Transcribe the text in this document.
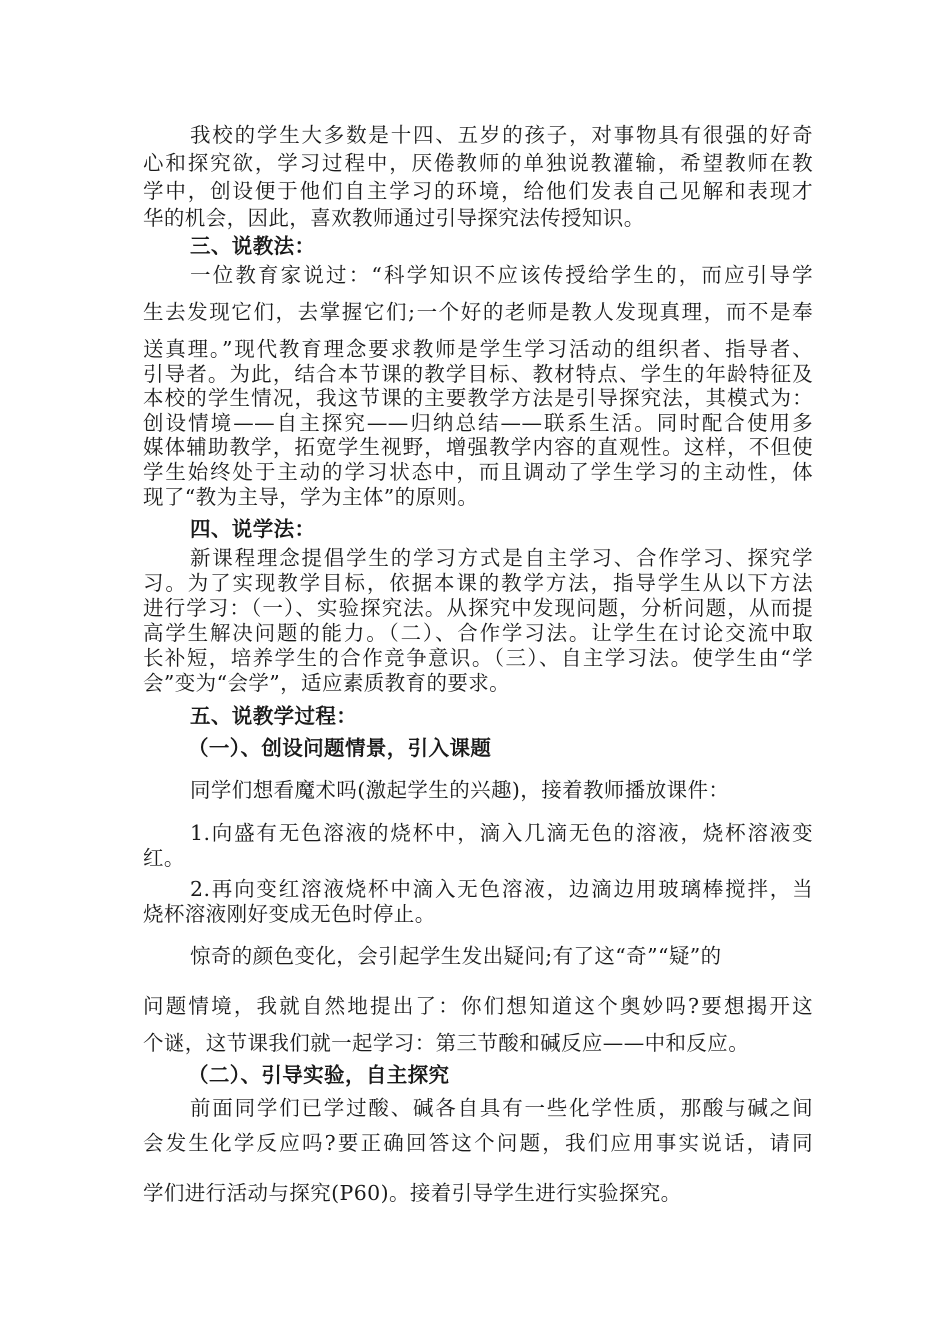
我校的学生大多数是十四、五岁的孩子，对事物具有很强的好奇
心和探究欲，学习过程中，厌倦教师的单独说教灌输，希望教师在教
学中，创设便于他们自主学习的环境，给他们发表自己见解和表现才
华的机会，因此，喜欢教师通过引导探究法传授知识。
三、说教法：
一位教育家说过：“科学知识不应该传授给学生的，而应引导学
生去发现它们，去掌握它们;一个好的老师是教人发现真理，而不是奉
送真理。”现代教育理念要求教师是学生学习活动的组织者、指导者、
引导者。为此，结合本节课的教学目标、教材特点、学生的年龄特征及
本校的学生情况，我这节课的主要教学方法是引导探究法，其模式为：
创设情境——自主探究——归纳总结——联系生活。同时配合使用多
媒体辅助教学，拓宽学生视野，增强教学内容的直观性。这样，不但使
学生始终处于主动的学习状态中，而且调动了学生学习的主动性，体
现了“教为主导，学为主体”的原则。
四、说学法：
新课程理念提倡学生的学习方式是自主学习、合作学习、探究学
习。为了实现教学目标，依据本课的教学方法，指导学生从以下方法
进行学习：（一）、实验探究法。从探究中发现问题，分析问题，从而提
高学生解决问题的能力。（二）、合作学习法。让学生在讨论交流中取
长补短，培养学生的合作竞争意识。（三）、自主学习法。使学生由“学
会”变为“会学”，适应素质教育的要求。
五、说教学过程：
（一）、创设问题情景，引入课题
同学们想看魔术吗(激起学生的兴趣)，接着教师播放课件：
1.向盛有无色溶液的烧杯中，滴入几滴无色的溶液，烧杯溶液变
红。
2.再向变红溶液烧杯中滴入无色溶液，边滴边用玻璃棒搅拌，当
烧杯溶液刚好变成无色时停止。
惊奇的颜色变化，会引起学生发出疑问;有了这“奇”“疑”的
问题情境，我就自然地提出了：你们想知道这个奥妙吗?要想揭开这
个谜，这节课我们就一起学习：第三节酸和碱反应——中和反应。
（二）、引导实验，自主探究
前面同学们已学过酸、碱各自具有一些化学性质，那酸与碱之间
会发生化学反应吗?要正确回答这个问题，我们应用事实说话，请同
学们进行活动与探究(P60)。接着引导学生进行实验探究。
